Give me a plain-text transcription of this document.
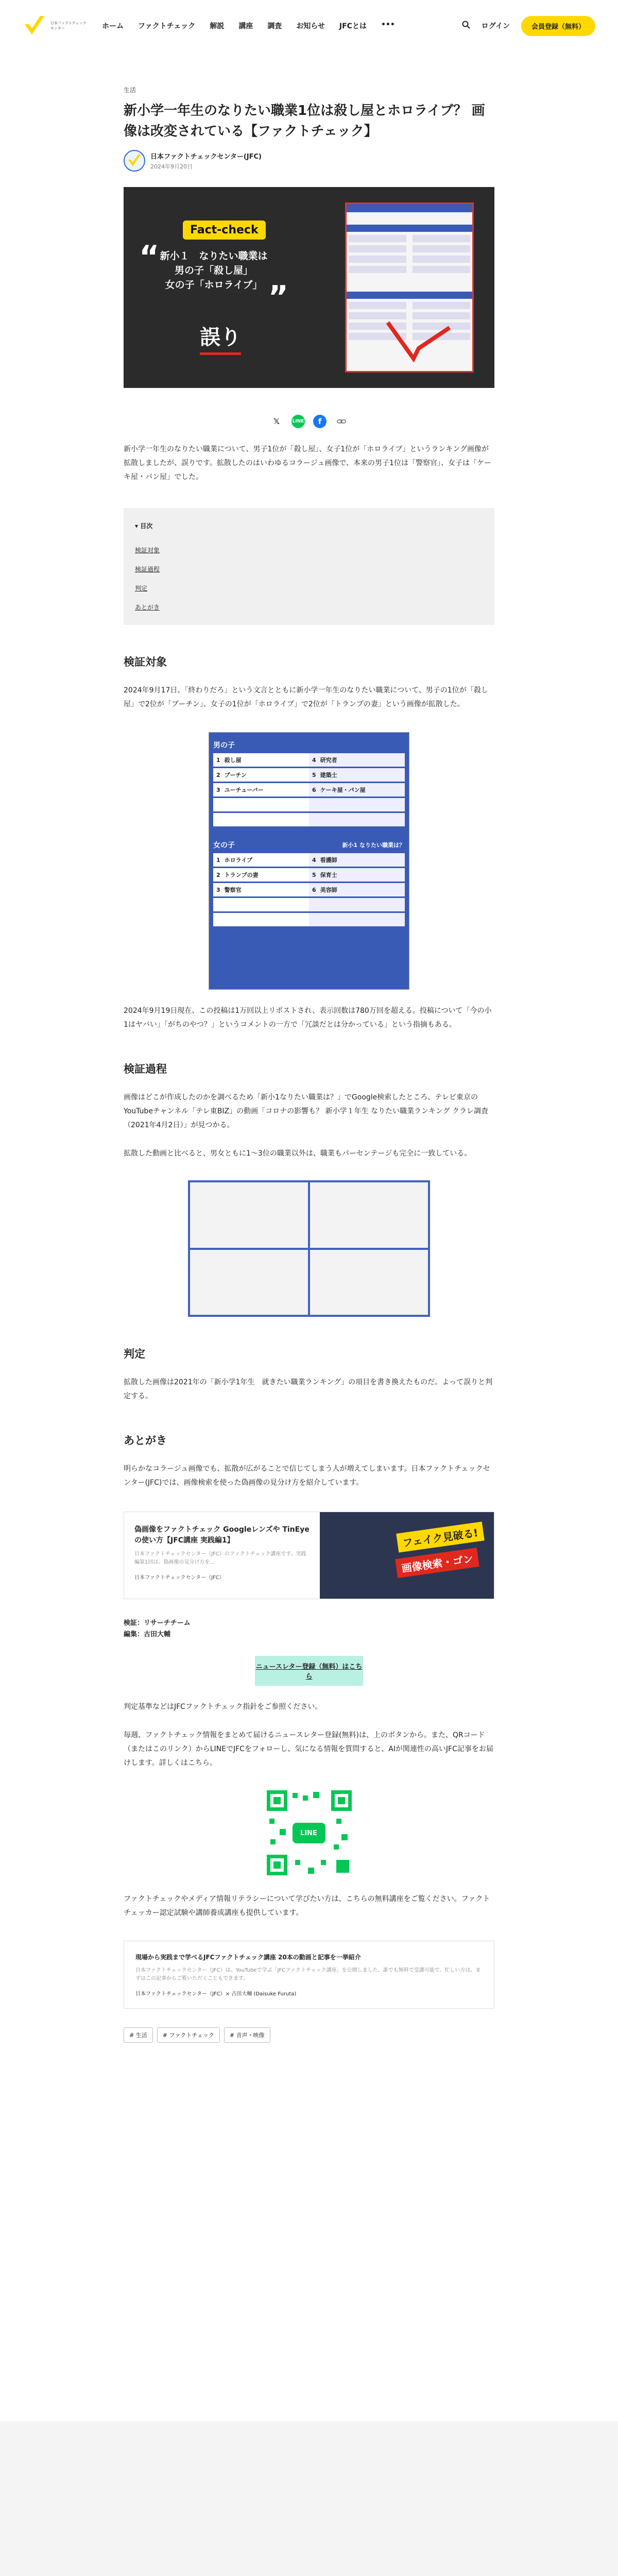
日本ファクトチェックセンター	ホーム ファクトチェック 解説 講座 調査 お知らせ JFCとは •••	ログイン	会員登録（無料）
生活
新小学一年生のなりたい職業1位は殺し屋とホロライブ？ 画像は改変されている【ファクトチェック】
日本ファクトチェックセンター(JFC)
2024年9月20日
Fact-check
“ 新小１　なりたい職業は
男の子「殺し屋」
女の子「ホロライブ」 ”
誤り
𝕏	LINE	f

新小学一年生のなりたい職業について、男子1位が「殺し屋」、女子1位が「ホロライブ」というランキング画像が拡散しましたが、誤りです。拡散したのはいわゆるコラージュ画像で、本来の男子1位は「警察官」、女子は「ケーキ屋・パン屋」でした。

▾ 目次
検証対象
検証過程
判定
あとがき
検証対象

2024年9月17日、「終わりだろ」という文言とともに新小学一年生のなりたい職業について、男子の1位が「殺し屋」で2位が「ブーチン」、女子の1位が「ホロライブ」で2位が「トランプの妻」という画像が拡散した。

男の子
1 殺し屋	4 研究者
2 プーチン	5 建築士
3 ユーチューバー	6 ケーキ屋・パン屋
女の子	新小1 なりたい職業は？
1 ホロライブ	4 看護師
2 トランプの妻	5 保育士
3 警察官	6 美容師

2024年9月19日現在、この投稿は1万回以上リポストされ、表示回数は780万回を超える。投稿について「今の小1はヤバい」「がちのやつ？」というコメントの一方で「冗談だとは分かっている」という指摘もある。

検証過程

画像はどこが作成したのかを調べるため「新小1なりたい職業は？」でGoogle検索したところ、テレビ東京のYouTubeチャンネル「テレ東BIZ」の動画「コロナの影響も？ 新小学１年生 なりたい職業ランキング クラレ調査（2021年4月2日）」が見つかる。

拡散した動画と比べると、男女ともに1～3位の職業以外は、職業もパーセンテージも完全に一致している。

判定

拡散した画像は2021年の「新小学1年生　就きたい職業ランキング」の項目を書き換えたものだ。よって誤りと判定する。

あとがき

明らかなコラージュ画像でも、拡散が広がることで信じてしまう人が増えてしまいます。日本ファクトチェックセンター(JFC)では、画像検索を使った偽画像の見分け方を紹介しています。

偽画像をファクトチェック Googleレンズや TinEyeの使い方【JFC講座 実践編1】
日本ファクトチェックセンター（JFC）のファクトチェック講座です。実践編第1回は、偽画像の見分け方を…
日本ファクトチェックセンター（JFC）
フェイク見破る!
画像検索・ゴン
検証：リサーチチーム
編集：古田大輔
ニュースレター登録（無料）はこちら

判定基準などはJFCファクトチェック指針をご参照ください。

毎週、ファクトチェック情報をまとめて届けるニュースレター登録(無料)は、上のボタンから。また、QRコード（またはこのリンク）からLINEでJFCをフォローし、気になる情報を質問すると、AIが関連性の高いJFC記事をお届けします。詳しくはこちら。

LINE

ファクトチェックやメディア情報リテラシーについて学びたい方は、こちらの無料講座をご覧ください。ファクトチェッカー認定試験や講師養成講座も提供しています。

現場から実践まで学べるJFCファクトチェック講座 20本の動画と記事を一挙紹介
日本ファクトチェックセンター（JFC）は、YouTubeで学ぶ「JFCファクトチェック講座」を公開しました。誰でも無料で受講可能で、忙しい方は、まずはこの記事からご覧いただくこともできます。
日本ファクトチェックセンター（JFC）× 古田大輔 (Daisuke Furuta)
# 生活	# ファクトチェック	# 音声・映像
